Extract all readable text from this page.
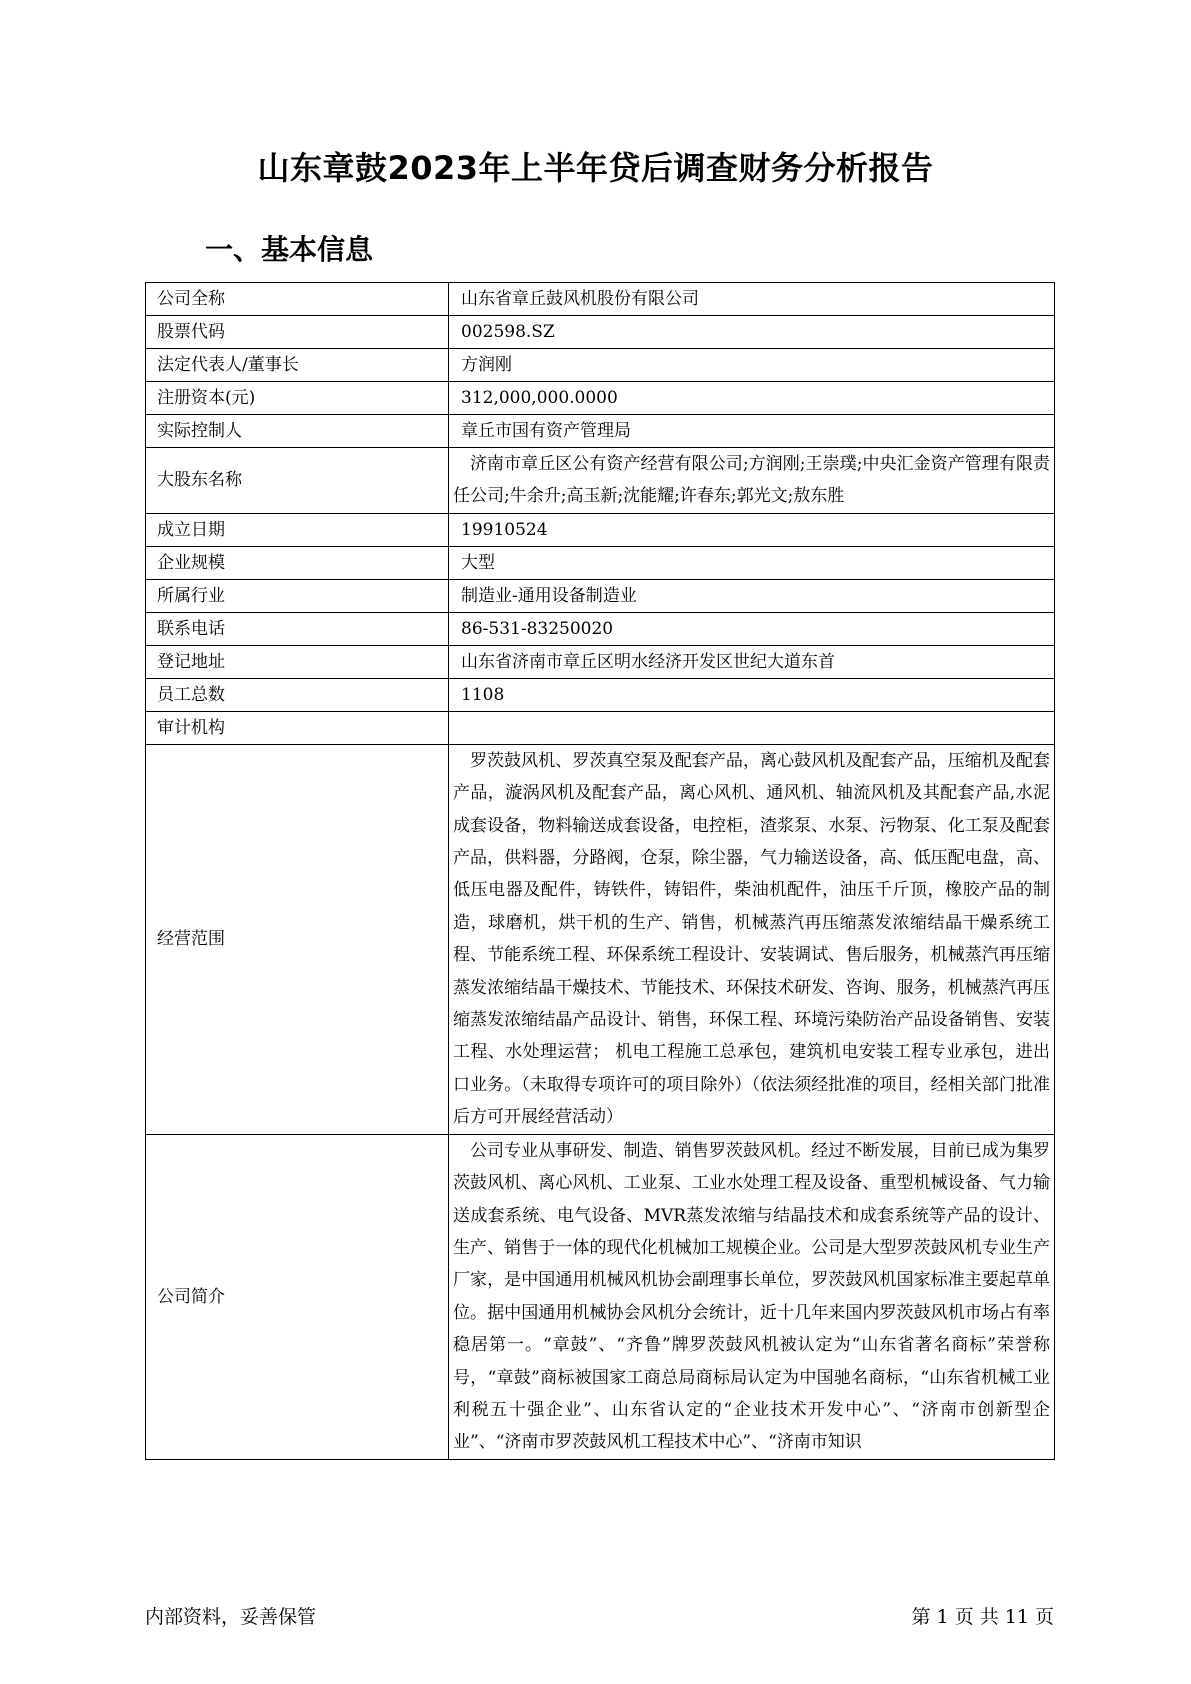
山东章鼓2023年上半年贷后调查财务分析报告
一、基本信息
公司全称	山东省章丘鼓风机股份有限公司
股票代码	002598.SZ
法定代表人/董事长	方润刚
注册资本(元)	312,000,000.0000
实际控制人	章丘市国有资产管理局
大股东名称	济南市章丘区公有资产经营有限公司;方润刚;王崇璞;中央汇金资产管理有限责任公司;牛余升;高玉新;沈能耀;许春东;郭光文;敖东胜

成立日期	19910524
企业规模	大型
所属行业	制造业-通用设备制造业
联系电话	86-531-83250020
登记地址	山东省济南市章丘区明水经济开发区世纪大道东首
员工总数	1108
审计机构	
经营范围	罗茨鼓风机、罗茨真空泵及配套产品，离心鼓风机及配套产品，压缩机及配套产品，漩涡风机及配套产品，离心风机、通风机、轴流风机及其配套产品,水泥成套设备，物料输送成套设备，电控柜，渣浆泵、水泵、污物泵、化工泵及配套产品，供料器，分路阀，仓泵，除尘器，气力输送设备，高、低压配电盘，高、低压电器及配件，铸铁件，铸铝件，柴油机配件，油压千斤顶，橡胶产品的制造，球磨机，烘干机的生产、销售，机械蒸汽再压缩蒸发浓缩结晶干燥系统工程、节能系统工程、环保系统工程设计、安装调试、售后服务，机械蒸汽再压缩蒸发浓缩结晶干燥技术、节能技术、环保技术研发、咨询、服务，机械蒸汽再压缩蒸发浓缩结晶产品设计、销售，环保工程、环境污染防治产品设备销售、安装工程、水处理运营； 机电工程施工总承包，建筑机电安装工程专业承包，进出口业务。（未取得专项许可的项目除外）（依法须经批准的项目，经相关部门批准后方可开展经营活动）

公司简介	公司专业从事研发、制造、销售罗茨鼓风机。经过不断发展，目前已成为集罗茨鼓风机、离心风机、工业泵、工业水处理工程及设备、重型机械设备、气力输送成套系统、电气设备、MVR蒸发浓缩与结晶技术和成套系统等产品的设计、生产、销售于一体的现代化机械加工规模企业。公司是大型罗茨鼓风机专业生产厂家，是中国通用机械风机协会副理事长单位，罗茨鼓风机国家标准主要起草单位。据中国通用机械协会风机分会统计，近十几年来国内罗茨鼓风机市场占有率稳居第一。“章鼓”、“齐鲁”牌罗茨鼓风机被认定为“山东省著名商标”荣誉称号，“章鼓”商标被国家工商总局商标局认定为中国驰名商标，“山东省机械工业利税五十强企业”、山东省认定的“企业技术开发中心”、“济南市创新型企业”、“济南市罗茨鼓风机工程技术中心”、“济南市知识
内部资料，妥善保管	第 1 页 共 11 页
